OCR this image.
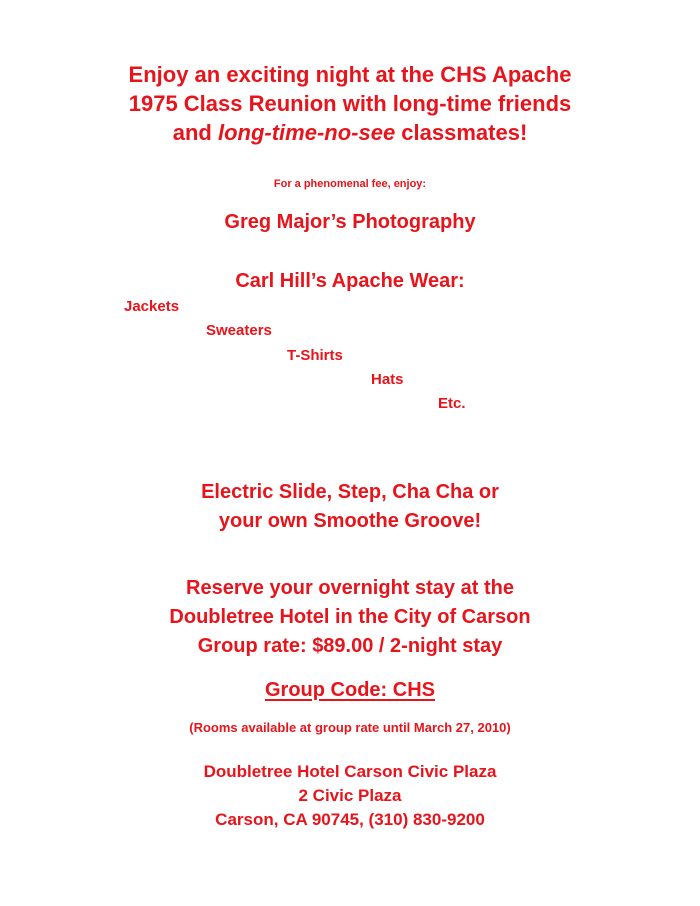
Enjoy an exciting night at the CHS Apache
1975 Class Reunion with long-time friends
and long-time-no-see classmates!
For a phenomenal fee, enjoy:
Greg Major’s Photography
Carl Hill’s Apache Wear:
Jackets
Sweaters
T-Shirts
Hats
Etc.
Electric Slide, Step, Cha Cha or
your own Smoothe Groove!
Reserve your overnight stay at the
Doubletree Hotel in the City of Carson
Group rate: $89.00 / 2-night stay
Group Code: CHS
(Rooms available at group rate until March 27, 2010)
Doubletree Hotel Carson Civic Plaza
2 Civic Plaza
Carson, CA 90745, (310) 830-9200
